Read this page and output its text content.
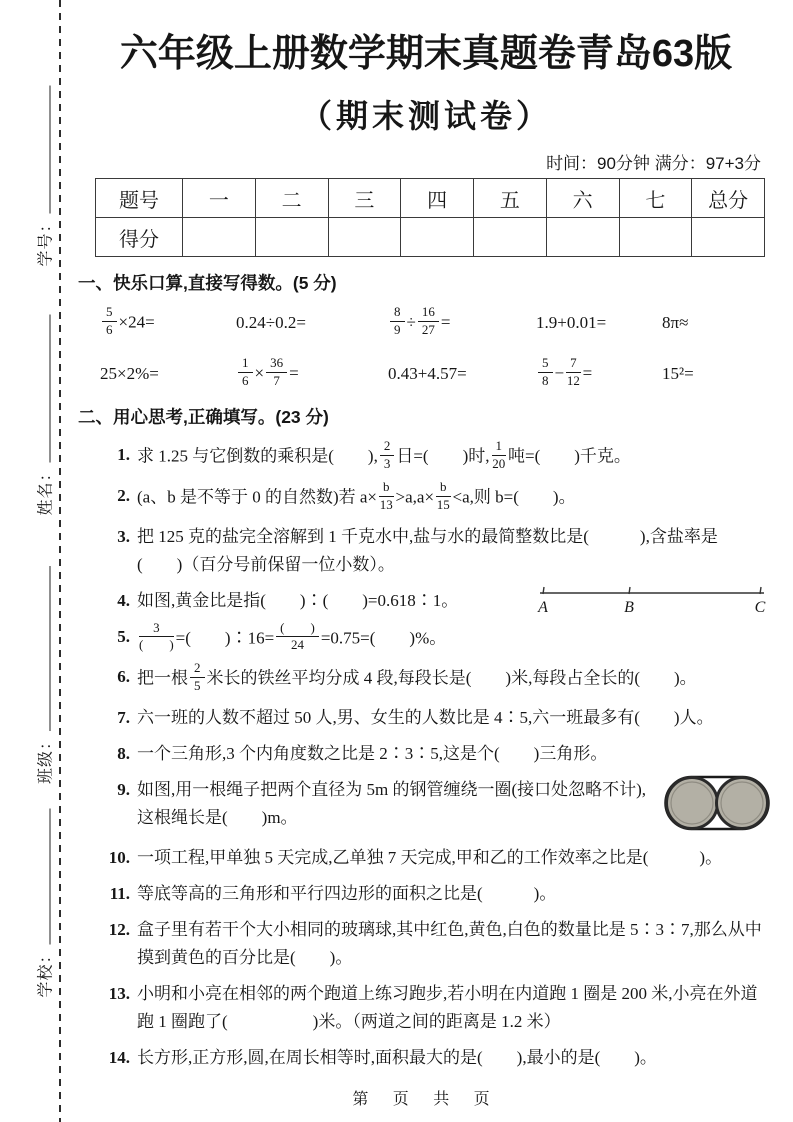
学号：
姓名：
班级：
学校：
六年级上册数学期末真题卷青岛63版
（期末测试卷）
时间：90分钟 满分：97+3分
题号	一	二	三	四	五	六	七	总分
得分								
一、快乐口算,直接写得数。(5 分)
$\frac{5}{6} \times 24=$	0.24÷0.2=	$\frac{8}{9} \div \frac{16}{27}$ =	1.9+0.01=	8π≈
25×2%=	$\frac{1}{6} \times \frac{36}{7}$ =	0.43+4.57=	$\frac{5}{8} - \frac{7}{12}$ =	15²=
二、用心思考,正确填写。(23 分)
1. 求 1.25 与它倒数的乘积是(　　), $\frac{2}{3}$ 日=(　　)时, $\frac{1}{20}$ 吨=(　　)千克。
2. (a、b 是不等于 0 的自然数)若 $a\times \frac{b}{13} >a,a\times \frac{b}{15} <a$,则 b=(　　)。
3. 把 125 克的盐完全溶解到 1 千克水中,盐与水的最简整数比是(　　　),含盐率是(　　)（百分号前保留一位小数）。
4. 如图,黄金比是指(　　)∶(　　)=0.618∶1。	A	B	C
5. $\frac{3}{( )}$ =(　　)∶16= $\frac{( )}{24} =0.75=$(　　)%。
6. 把一根 $\frac{2}{5}$ 米长的铁丝平均分成 4 段,每段长是(　　)米,每段占全长的(　　)。
7. 六一班的人数不超过 50 人,男、女生的人数比是 4∶5,六一班最多有(　　)人。
8. 一个三角形,3 个内角度数之比是 2∶3∶5,这是个(　　)三角形。
9. 如图,用一根绳子把两个直径为 5m 的钢管缠绕一圈(接口处忽略不计),这根绳长是(　　)m。
10. 一项工程,甲单独 5 天完成,乙单独 7 天完成,甲和乙的工作效率之比是(　　　)。
11. 等底等高的三角形和平行四边形的面积之比是(　　　)。
12. 盒子里有若干个大小相同的玻璃球,其中红色,黄色,白色的数量比是 5∶3∶7,那么从中摸到黄色的百分比是(　　)。
13. 小明和小亮在相邻的两个跑道上练习跑步,若小明在内道跑 1 圈是 200 米,小亮在外道跑 1 圈跑了(　　　　　)米。（两道之间的距离是 1.2 米）
14. 长方形,正方形,圆,在周长相等时,面积最大的是(　　),最小的是(　　)。
第 页 共 页
